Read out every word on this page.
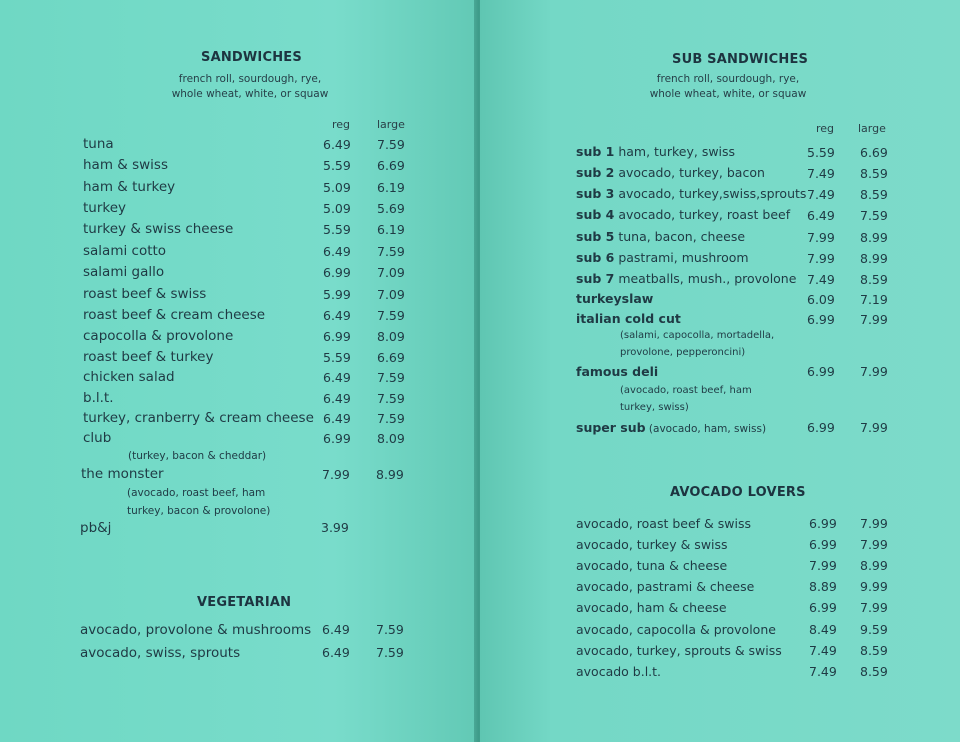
SANDWICHES
french roll, sourdough, rye,
whole wheat, white, or squaw
reg large
tuna	6.49 7.59
ham & swiss	5.59 6.69
ham & turkey	5.09 6.19
turkey	5.09 5.69
turkey & swiss cheese	5.59 6.19
salami cotto	6.49 7.59
salami gallo	6.99 7.09
roast beef & swiss	5.99 7.09
roast beef & cream cheese	6.49 7.59
capocolla & provolone	6.99 8.09
roast beef & turkey	5.59 6.69
chicken salad	6.49 7.59
b.l.t.	6.49 7.59
turkey, cranberry & cream cheese 6.49 7.59
club	6.99 8.09
(turkey, bacon & cheddar)
the monster	7.99 8.99
(avocado, roast beef, ham
turkey, bacon & provolone)
pb&j	3.99
VEGETARIAN
avocado, provolone & mushrooms 6.49 7.59
avocado, swiss, sprouts	6.49 7.59
SUB SANDWICHES
french roll, sourdough, rye,
whole wheat, white, or squaw
reg large
sub 1 ham, turkey, swiss	5.59 6.69
sub 2 avocado, turkey, bacon	7.49 8.59
sub 3 avocado, turkey,swiss,sprouts 7.49 8.59
sub 4 avocado, turkey, roast beef 6.49 7.59
sub 5 tuna, bacon, cheese	7.99 8.99
sub 6 pastrami, mushroom	7.99 8.99
sub 7 meatballs, mush., provolone 7.49 8.59
turkeyslaw	6.09 7.19
italian cold cut	6.99 7.99
(salami, capocolla, mortadella,
provolone, pepperoncini)
famous deli	6.99 7.99
(avocado, roast beef, ham
turkey, swiss)
super sub (avocado, ham, swiss)	6.99 7.99
AVOCADO LOVERS
avocado, roast beef & swiss	6.99 7.99
avocado, turkey & swiss	6.99 7.99
avocado, tuna & cheese	7.99 8.99
avocado, pastrami & cheese	8.89 9.99
avocado, ham & cheese	6.99 7.99
avocado, capocolla & provolone	8.49 9.59
avocado, turkey, sprouts & swiss 7.49 8.59
avocado b.l.t.	7.49 8.59
